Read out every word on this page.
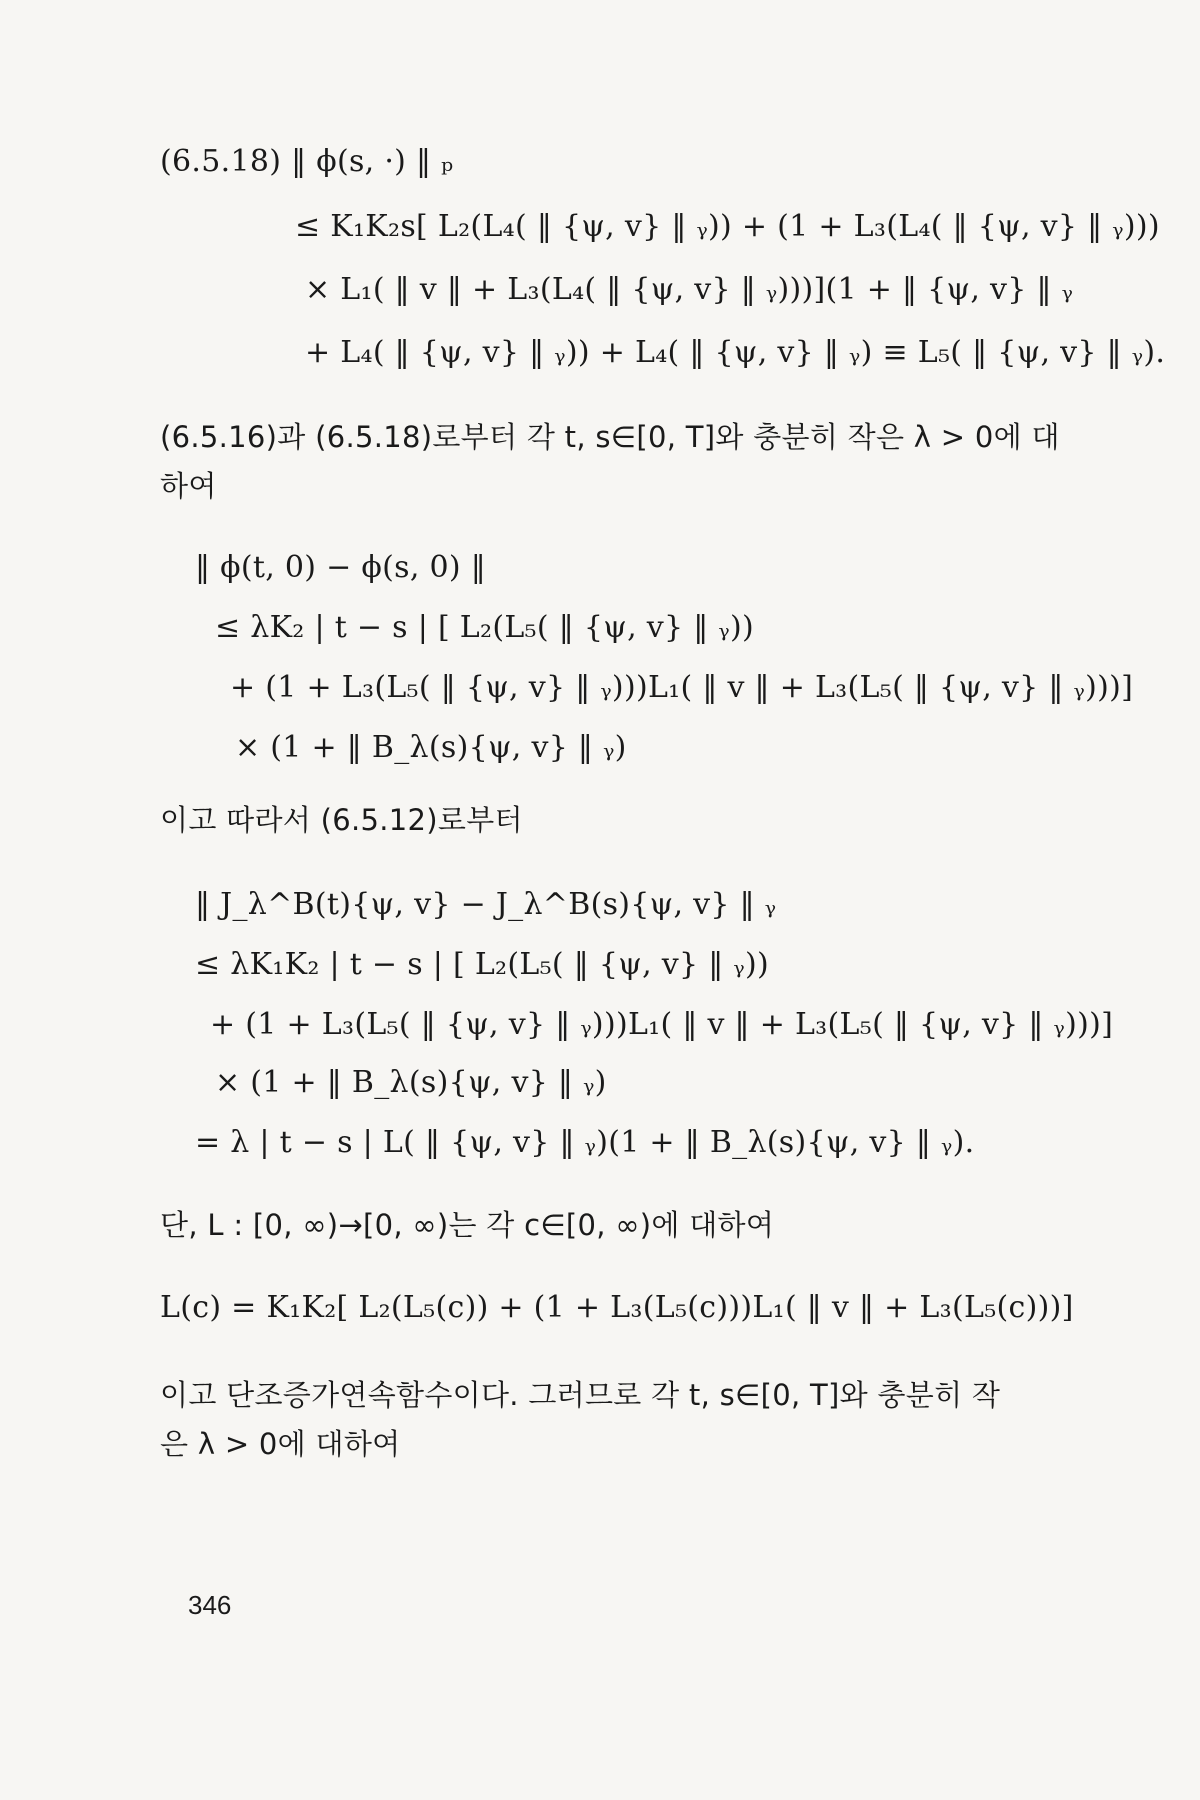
(6.5.18) ‖ ϕ(s, ·) ‖ ₚ
≤ K₁K₂s[ L₂(L₄( ‖ {ψ, v} ‖ ᵧ)) + (1 + L₃(L₄( ‖ {ψ, v} ‖ ᵧ)))
× L₁( ‖ v ‖ + L₃(L₄( ‖ {ψ, v} ‖ ᵧ)))](1 + ‖ {ψ, v} ‖ ᵧ
+ L₄( ‖ {ψ, v} ‖ ᵧ)) + L₄( ‖ {ψ, v} ‖ ᵧ) ≡ L₅( ‖ {ψ, v} ‖ ᵧ).
(6.5.16)과 (6.5.18)로부터 각 t, s∈[0, T]와 충분히 작은 λ > 0에 대
하여
‖ ϕ(t, 0) − ϕ(s, 0) ‖
≤ λK₂ | t − s | [ L₂(L₅( ‖ {ψ, v} ‖ ᵧ))
+ (1 + L₃(L₅( ‖ {ψ, v} ‖ ᵧ)))L₁( ‖ v ‖ + L₃(L₅( ‖ {ψ, v} ‖ ᵧ)))]
× (1 + ‖ B_λ(s){ψ, v} ‖ ᵧ)
이고 따라서 (6.5.12)로부터
‖ J_λ^B(t){ψ, v} − J_λ^B(s){ψ, v} ‖ ᵧ
≤ λK₁K₂ | t − s | [ L₂(L₅( ‖ {ψ, v} ‖ ᵧ))
+ (1 + L₃(L₅( ‖ {ψ, v} ‖ ᵧ)))L₁( ‖ v ‖ + L₃(L₅( ‖ {ψ, v} ‖ ᵧ)))]
× (1 + ‖ B_λ(s){ψ, v} ‖ ᵧ)
= λ | t − s | L( ‖ {ψ, v} ‖ ᵧ)(1 + ‖ B_λ(s){ψ, v} ‖ ᵧ).
단, L : [0, ∞)→[0, ∞)는 각 c∈[0, ∞)에 대하여
L(c) = K₁K₂[ L₂(L₅(c)) + (1 + L₃(L₅(c)))L₁( ‖ v ‖ + L₃(L₅(c)))]
이고 단조증가연속함수이다. 그러므로 각 t, s∈[0, T]와 충분히 작
은 λ > 0에 대하여
346
